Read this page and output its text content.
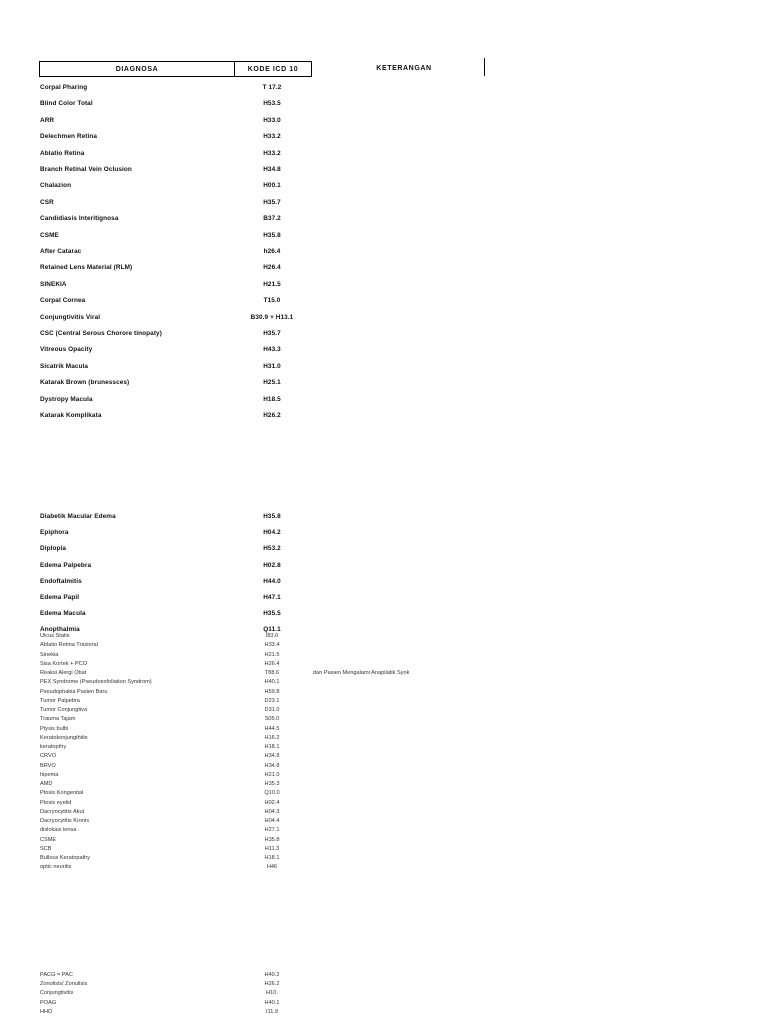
DIAGNOSA	KODE ICD 10	KETERANGAN
Corpal Pharing	T 17.2
Blind Color Total	H53.5
ARR	H33.0
Delechmen Retina	H33.2
Ablatio Retina	H33.2
Branch Retinal Vein Oclusion	H34.8
Chalazion	H00.1
CSR	H35.7
Candidiasis Interitignosa	B37.2
CSME	H35.8
After Catarac	h26.4
Retained Lens Material (RLM)	H26.4
SINEKIA	H21.5
Corpal Cornea	T15.0
Conjungtivitis Viral	B30.9 + H13.1
CSC (Central Serous Chorore tinopaty)	H35.7
Vitreous Opacity	H43.3
Sicatrik Macula	H31.0
Katarak Brown (brunessces)	H25.1
Dystropy Macula	H18.5
Katarak Komplikata	H26.2
Diabetik Macular Edema	H35.8
Epiphora	H04.2
Diplopia	H53.2
Edema Palpebra	H02.8
Endoftalmitis	H44.0
Edema Papil	H47.1
Edema Macula	H35.5
Anopthalmia	Q11.1
Ulcus Statis	I83.0
Ablatio Retina Traxioral	H33.4
Sinekia	H21.5
Sisa Kortek + PCO	H26.4
Reaksi Alergi Obat	T88.6	dan Pasien Mengalami Anapilatik Syok
PEX Syndrome (Pseudoexfoliation Syndrom)	H40.1
Pseudophakia Pasien Baru	H59.8
Tumor Palpebra	D23.1
Tumor Conjungtiva	D31.0
Trauma Tajam	S05.0
Ptysis bulbi	H44.5
Keratokonjungthitis	H16.2
keratopthy	H18.1
CRVO	H34.8
BRVO	H34.8
hipema	H21.0
AMD	H35.3
Ptosis Kongenital	Q10.0
Ptosis eyelid	H02.4
Dacryocytitis Akut	H04.3
Dacryocytitis Kronis	H04.4
dislokasi lensa	H27.1
CSME	H35.8
SCB	H11.3
Bullous Keratopathy	H18.1
optic neuritis	H46
PACG = PAC	H40.2
Zonolisis/ Zonulisis	H26.2
Conjungtivitis	H10.
POAG	H40.1
HHD	I11.9
